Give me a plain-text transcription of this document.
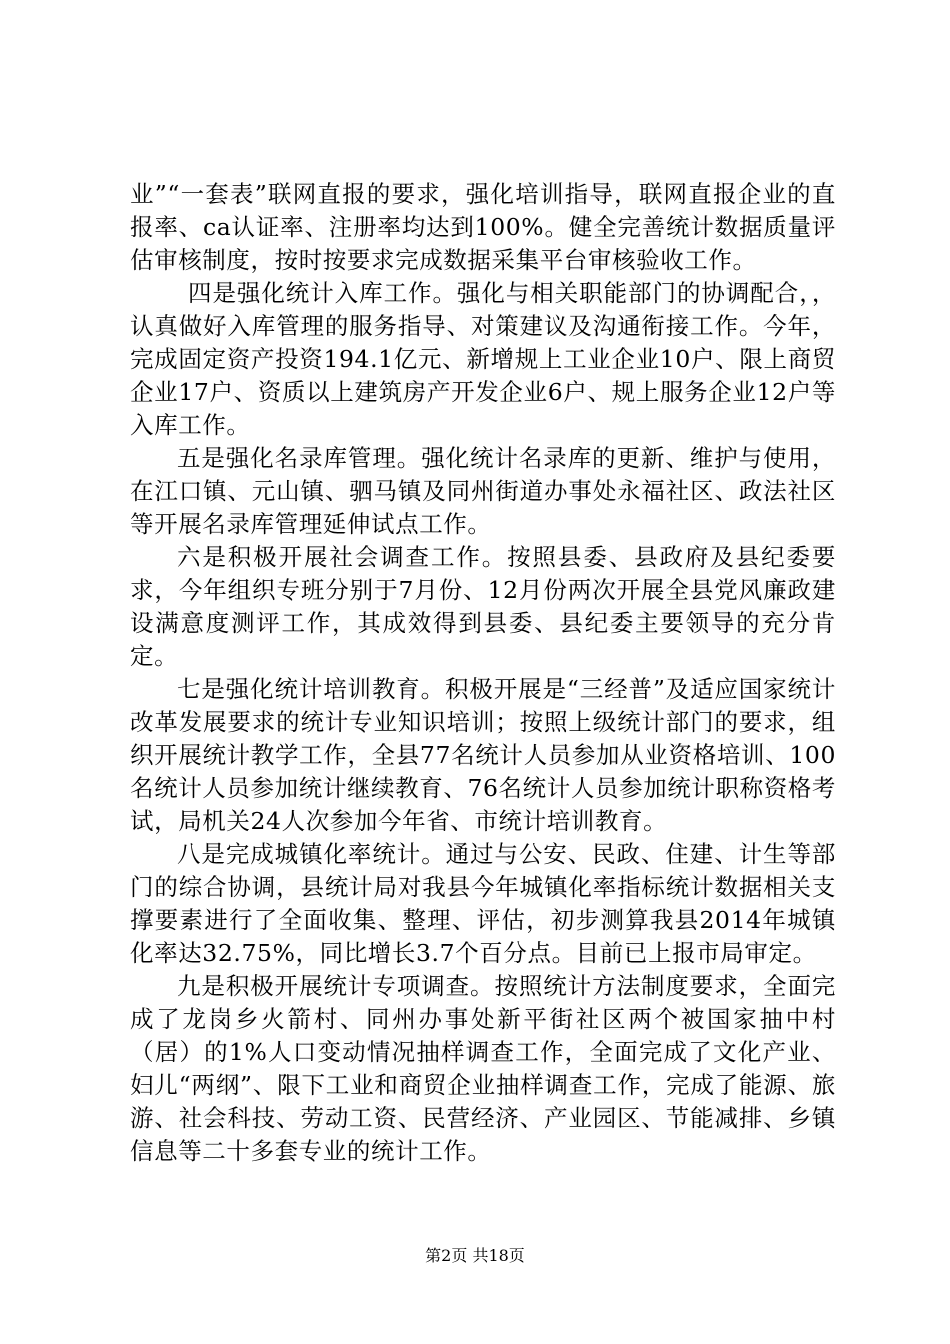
业”“一套表”联网直报的要求，强化培训指导，联网直报企业的直报率、ca认证率、注册率均达到100%。健全完善统计数据质量评估审核制度，按时按要求完成数据采集平台审核验收工作。

四是强化统计入库工作。强化与相关职能部门的协调配合，，认真做好入库管理的服务指导、对策建议及沟通衔接工作。今年，完成固定资产投资194.1亿元、新增规上工业企业10户、限上商贸企业17户、资质以上建筑房产开发企业6户、规上服务企业12户等入库工作。

五是强化名录库管理。强化统计名录库的更新、维护与使用，在江口镇、元山镇、驷马镇及同州街道办事处永福社区、政法社区等开展名录库管理延伸试点工作。

六是积极开展社会调查工作。按照县委、县政府及县纪委要求，今年组织专班分别于7月份、12月份两次开展全县党风廉政建设满意度测评工作，其成效得到县委、县纪委主要领导的充分肯定。

七是强化统计培训教育。积极开展是“三经普”及适应国家统计改革发展要求的统计专业知识培训；按照上级统计部门的要求，组织开展统计教学工作，全县77名统计人员参加从业资格培训、100名统计人员参加统计继续教育、76名统计人员参加统计职称资格考试，局机关24人次参加今年省、市统计培训教育。

八是完成城镇化率统计。通过与公安、民政、住建、计生等部门的综合协调，县统计局对我县今年城镇化率指标统计数据相关支撑要素进行了全面收集、整理、评估，初步测算我县2014年城镇化率达32.75%，同比增长3.7个百分点。目前已上报市局审定。

九是积极开展统计专项调查。按照统计方法制度要求，全面完成了龙岗乡火箭村、同州办事处新平街社区两个被国家抽中村（居）的1%人口变动情况抽样调查工作，全面完成了文化产业、妇儿“两纲”、限下工业和商贸企业抽样调查工作，完成了能源、旅游、社会科技、劳动工资、民营经济、产业园区、节能减排、乡镇信息等二十多套专业的统计工作。

第2页 共18页
